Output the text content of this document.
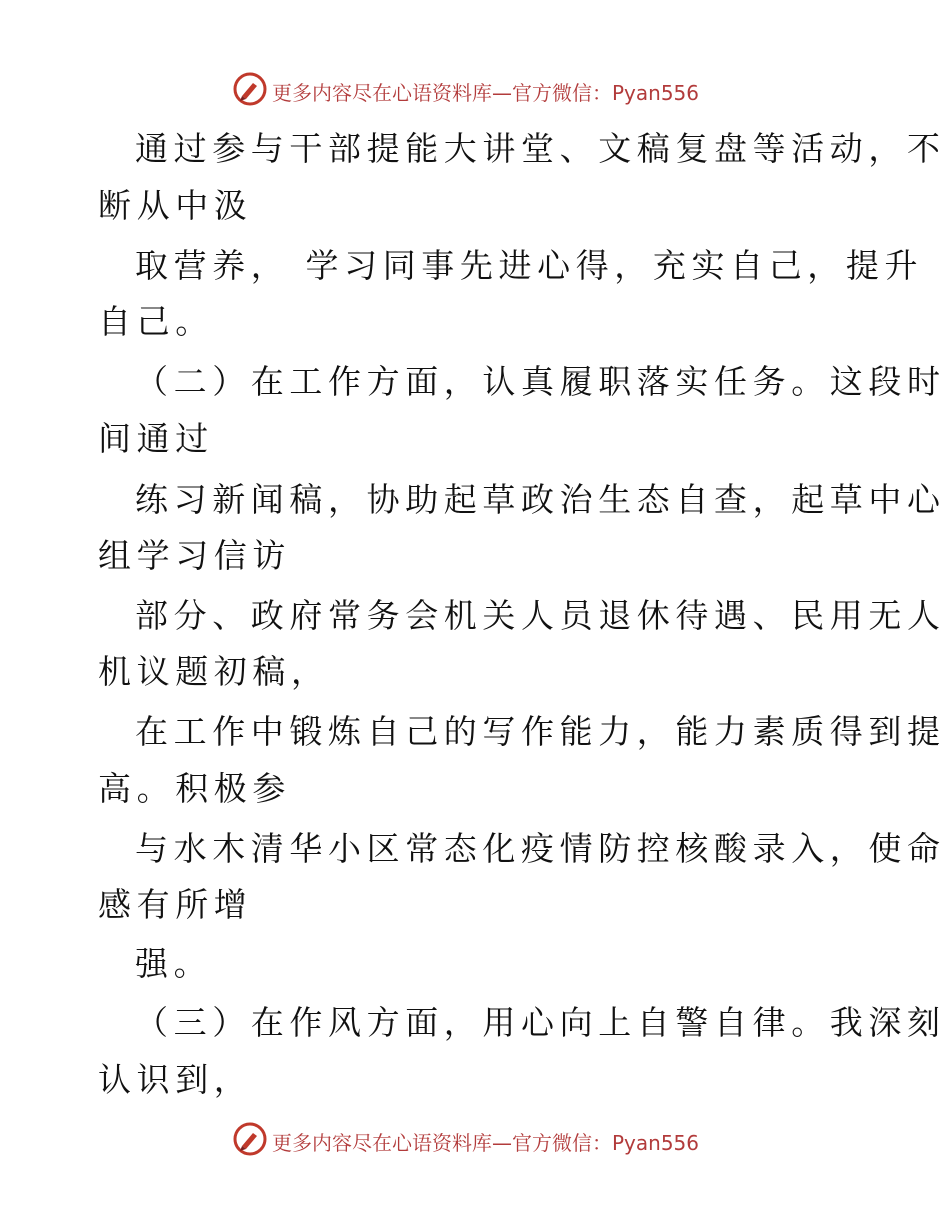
更多内容尽在心语资料库—官方微信：Pyan556
通过参与干部提能大讲堂、文稿复盘等活动，不
断从中汲
取营养， 学习同事先进心得，充实自己，提升
自己。
（二）在工作方面，认真履职落实任务。这段时
间通过
练习新闻稿，协助起草政治生态自查，起草中心
组学习信访
部分、政府常务会机关人员退休待遇、民用无人
机议题初稿，
在工作中锻炼自己的写作能力，能力素质得到提
高。积极参
与水木清华小区常态化疫情防控核酸录入，使命
感有所增
强。
（三）在作风方面，用心向上自警自律。我深刻
认识到，
更多内容尽在心语资料库—官方微信：Pyan556
